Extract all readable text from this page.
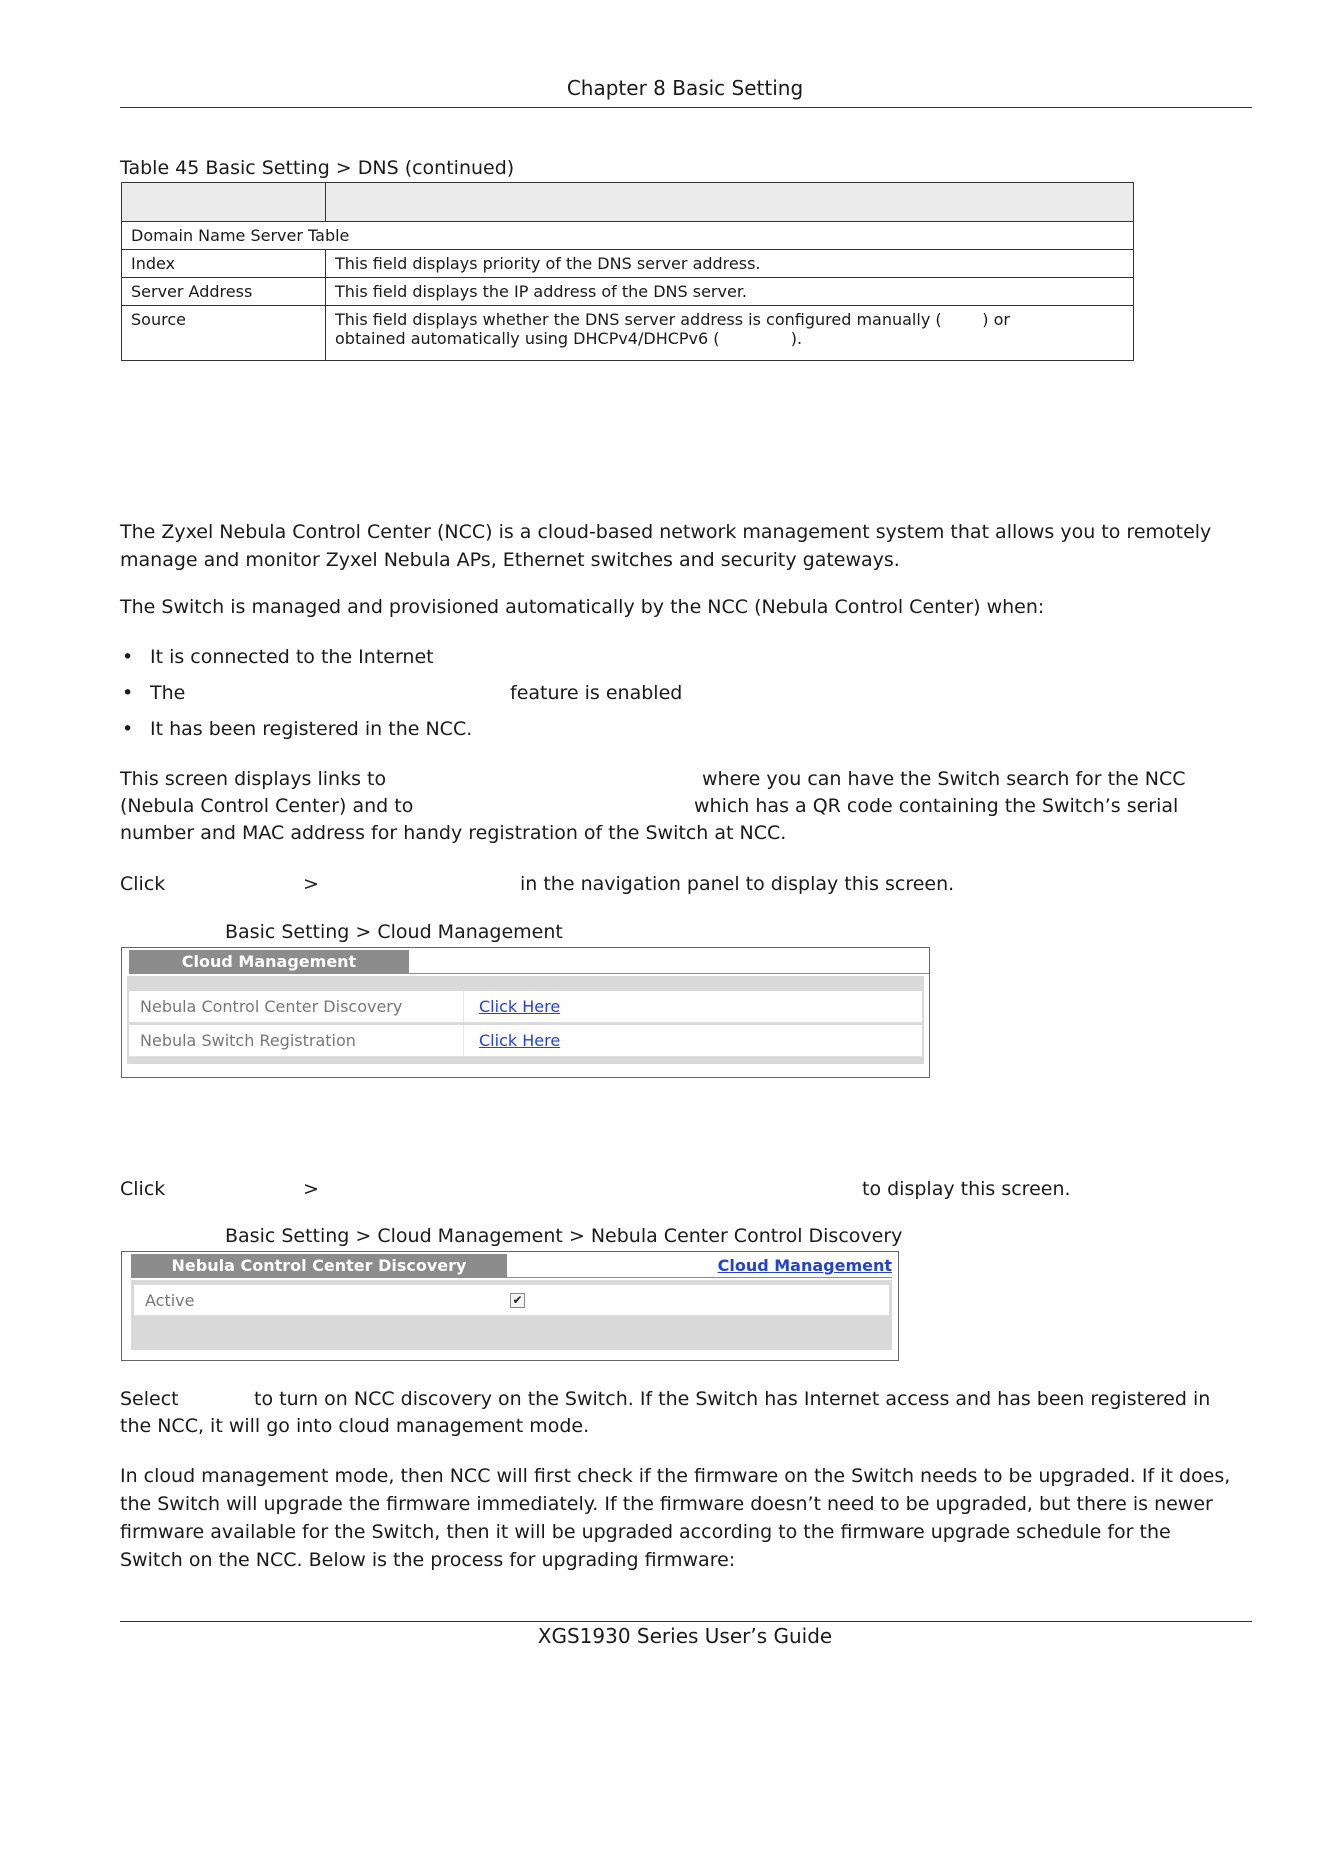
Chapter 8 Basic Setting
Table 45 Basic Setting > DNS (continued)

Domain Name Server Table	
Index	This field displays priority of the DNS server address.
Server Address	This field displays the IP address of the DNS server.
Source	This field displays whether the DNS server address is configured manually (        ) or
obtained automatically using DHCPv4/DHCPv6 (              ).
The Zyxel Nebula Control Center (NCC) is a cloud-based network management system that allows you to remotely
manage and monitor Zyxel Nebula APs, Ethernet switches and security gateways.
The Switch is managed and provisioned automatically by the NCC (Nebula Control Center) when:
• It is connected to the Internet
• The	feature is enabled
• It has been registered in the NCC.
This screen displays links to	where you can have the Switch search for the NCC
(Nebula Control Center) and to	which has a QR code containing the Switch’s serial
number and MAC address for handy registration of the Switch at NCC.
Click	>	in the navigation panel to display this screen.
Basic Setting > Cloud Management
Cloud Management
Nebula Control Center Discovery	Click Here
Nebula Switch Registration	Click Here
Click	>	to display this screen.
Basic Setting > Cloud Management > Nebula Center Control Discovery
Nebula Control Center Discovery	Cloud Management
Active	✔
Select	to turn on NCC discovery on the Switch. If the Switch has Internet access and has been registered in
the NCC, it will go into cloud management mode.
In cloud management mode, then NCC will first check if the firmware on the Switch needs to be upgraded. If it does,
the Switch will upgrade the firmware immediately. If the firmware doesn’t need to be upgraded, but there is newer
firmware available for the Switch, then it will be upgraded according to the firmware upgrade schedule for the
Switch on the NCC. Below is the process for upgrading firmware:
XGS1930 Series User’s Guide
